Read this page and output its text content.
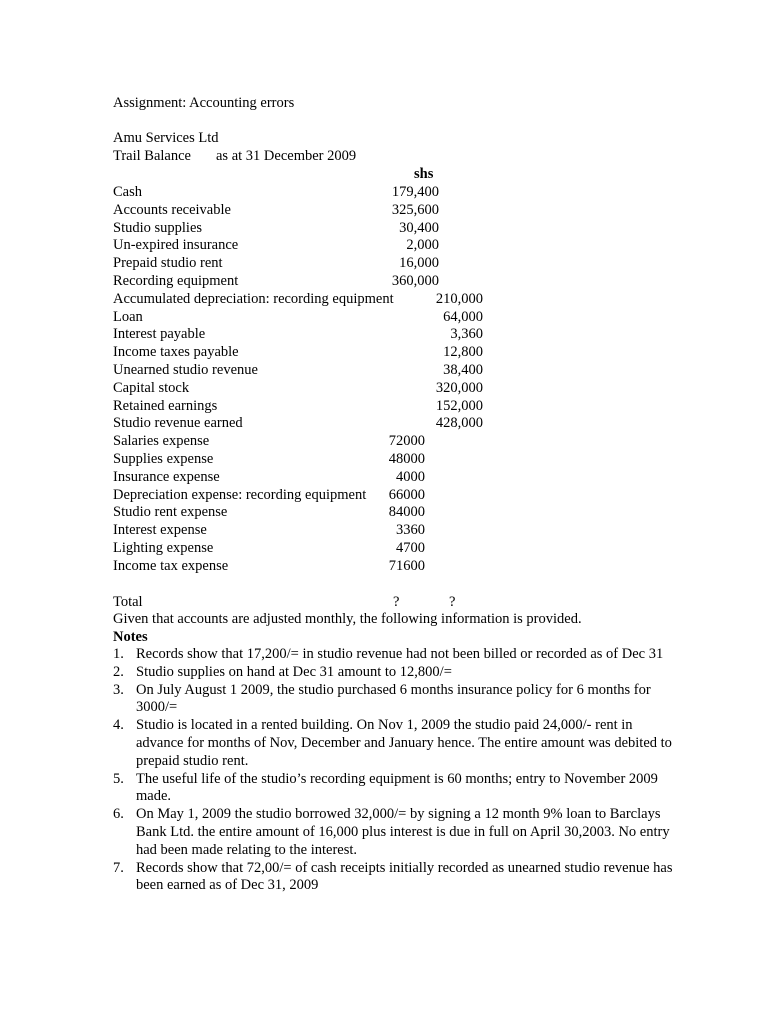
Assignment: Accounting errors
Amu Services Ltd
Trail Balance as at 31 December 2009
shs
Cash	179,400
Accounts receivable	325,600
Studio supplies	30,400
Un-expired insurance	2,000
Prepaid studio rent	16,000
Recording equipment	360,000
Accumulated depreciation: recording equipment	210,000
Loan	64,000
Interest payable	3,360
Income taxes payable	12,800
Unearned studio revenue	38,400
Capital stock	320,000
Retained earnings	152,000
Studio revenue earned	428,000
Salaries expense	72000
Supplies expense	48000
Insurance expense	4000
Depreciation expense: recording equipment 66000
Studio rent expense	84000
Interest expense	3360
Lighting expense	4700
Income tax expense	71600
Total	?	?
Given that accounts are adjusted monthly, the following information is provided.
Notes
1. Records show that 17,200/= in studio revenue had not been billed or recorded as of Dec 31
2. Studio supplies on hand at Dec 31 amount to 12,800/=
3. On July August 1 2009, the studio purchased 6 months insurance policy for 6 months for 3000/=
4. Studio is located in a rented building. On Nov 1, 2009 the studio paid 24,000/- rent in advance for months of Nov, December and January hence. The entire amount was debited to prepaid studio rent.
5. The useful life of the studio’s recording equipment is 60 months; entry to November 2009 made.
6. On May 1, 2009 the studio borrowed 32,000/= by signing a 12 month 9% loan to Barclays Bank Ltd. the entire amount of 16,000 plus interest is due in full on April 30,2003. No entry had been made relating to the interest.
7. Records show that 72,00/= of cash receipts initially recorded as unearned studio revenue has been earned as of Dec 31, 2009
